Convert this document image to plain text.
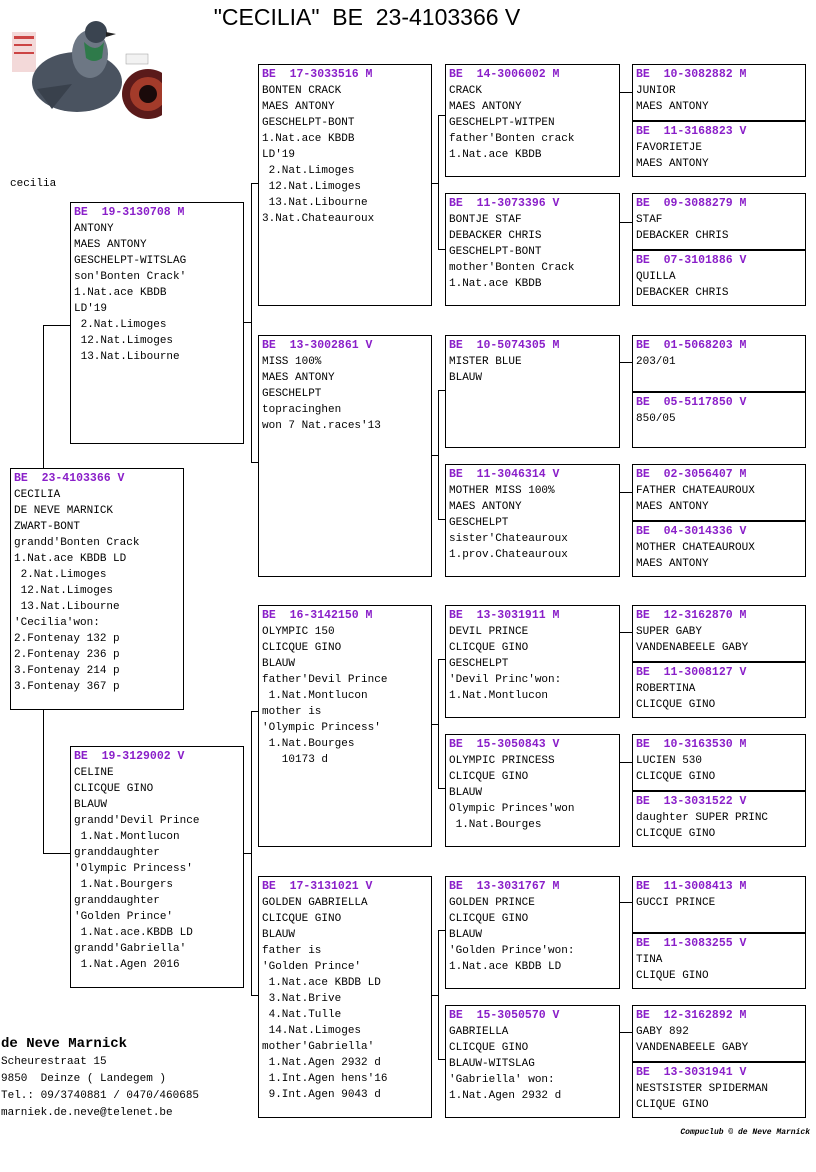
"CECILIA"  BE  23-4103366 V
cecilia
BE  23-4103366 V
CECILIA
DE NEVE MARNICK
ZWART-BONT
grandd'Bonten Crack
1.Nat.ace KBDB LD
2.Nat.Limoges
12.Nat.Limoges
13.Nat.Libourne
'Cecilia'won:
2.Fontenay 132 p
2.Fontenay 236 p
3.Fontenay 214 p
3.Fontenay 367 p
BE  19-3130708 M
ANTONY
MAES ANTONY
GESCHELPT-WITSLAG
son'Bonten Crack'
1.Nat.ace KBDB
LD'19
2.Nat.Limoges
12.Nat.Limoges
13.Nat.Libourne
BE  19-3129002 V
CELINE
CLICQUE GINO
BLAUW
grandd'Devil Prince
1.Nat.Montlucon
granddaughter
'Olympic Princess'
1.Nat.Bourgers
granddaughter
'Golden Prince'
1.Nat.ace.KBDB LD
grandd'Gabriella'
1.Nat.Agen 2016
BE  17-3033516 M
BONTEN CRACK
MAES ANTONY
GESCHELPT-BONT
1.Nat.ace KBDB
LD'19
2.Nat.Limoges
12.Nat.Limoges
13.Nat.Libourne
3.Nat.Chateauroux
BE  13-3002861 V
MISS 100%
MAES ANTONY
GESCHELPT
topracinghen
won 7 Nat.races'13
BE  16-3142150 M
OLYMPIC 150
CLICQUE GINO
BLAUW
father'Devil Prince
1.Nat.Montlucon
mother is
'Olympic Princess'
1.Nat.Bourges
10173 d
BE  17-3131021 V
GOLDEN GABRIELLA
CLICQUE GINO
BLAUW
father is
'Golden Prince'
1.Nat.ace KBDB LD
3.Nat.Brive
4.Nat.Tulle
14.Nat.Limoges
mother'Gabriella'
1.Nat.Agen 2932 d
1.Int.Agen hens'16
9.Int.Agen 9043 d
BE  14-3006002 M
CRACK
MAES ANTONY
GESCHELPT-WITPEN
father'Bonten crack
1.Nat.ace KBDB
BE  11-3073396 V
BONTJE STAF
DEBACKER CHRIS
GESCHELPT-BONT
mother'Bonten Crack
1.Nat.ace KBDB
BE  10-5074305 M
MISTER BLUE
BLAUW
BE  11-3046314 V
MOTHER MISS 100%
MAES ANTONY
GESCHELPT
sister'Chateauroux
1.prov.Chateauroux
BE  13-3031911 M
DEVIL PRINCE
CLICQUE GINO
GESCHELPT
'Devil Princ'won:
1.Nat.Montlucon
BE  15-3050843 V
OLYMPIC PRINCESS
CLICQUE GINO
BLAUW
Olympic Princes'won
1.Nat.Bourges
BE  13-3031767 M
GOLDEN PRINCE
CLICQUE GINO
BLAUW
'Golden Prince'won:
1.Nat.ace KBDB LD
BE  15-3050570 V
GABRIELLA
CLICQUE GINO
BLAUW-WITSLAG
'Gabriella' won:
1.Nat.Agen 2932 d
BE  10-3082882 M
JUNIOR
MAES ANTONY
BE  11-3168823 V
FAVORIETJE
MAES ANTONY
BE  09-3088279 M
STAF
DEBACKER CHRIS
BE  07-3101886 V
QUILLA
DEBACKER CHRIS
BE  01-5068203 M
203/01
BE  05-5117850 V
850/05
BE  02-3056407 M
FATHER CHATEAUROUX
MAES ANTONY
BE  04-3014336 V
MOTHER CHATEAUROUX
MAES ANTONY
BE  12-3162870 M
SUPER GABY
VANDENABEELE GABY
BE  11-3008127 V
ROBERTINA
CLICQUE GINO
BE  10-3163530 M
LUCIEN 530
CLICQUE GINO
BE  13-3031522 V
daughter SUPER PRINC
CLICQUE GINO
BE  11-3008413 M
GUCCI PRINCE
BE  11-3083255 V
TINA
CLIQUE GINO
BE  12-3162892 M
GABY 892
VANDENABEELE GABY
BE  13-3031941 V
NESTSISTER SPIDERMAN
CLIQUE GINO
de Neve Marnick
Scheurestraat 15
9850  Deinze ( Landegem )
Tel.: 09/3740881 / 0470/460685
marniek.de.neve@telenet.be
Compuclub © de Neve Marnick
